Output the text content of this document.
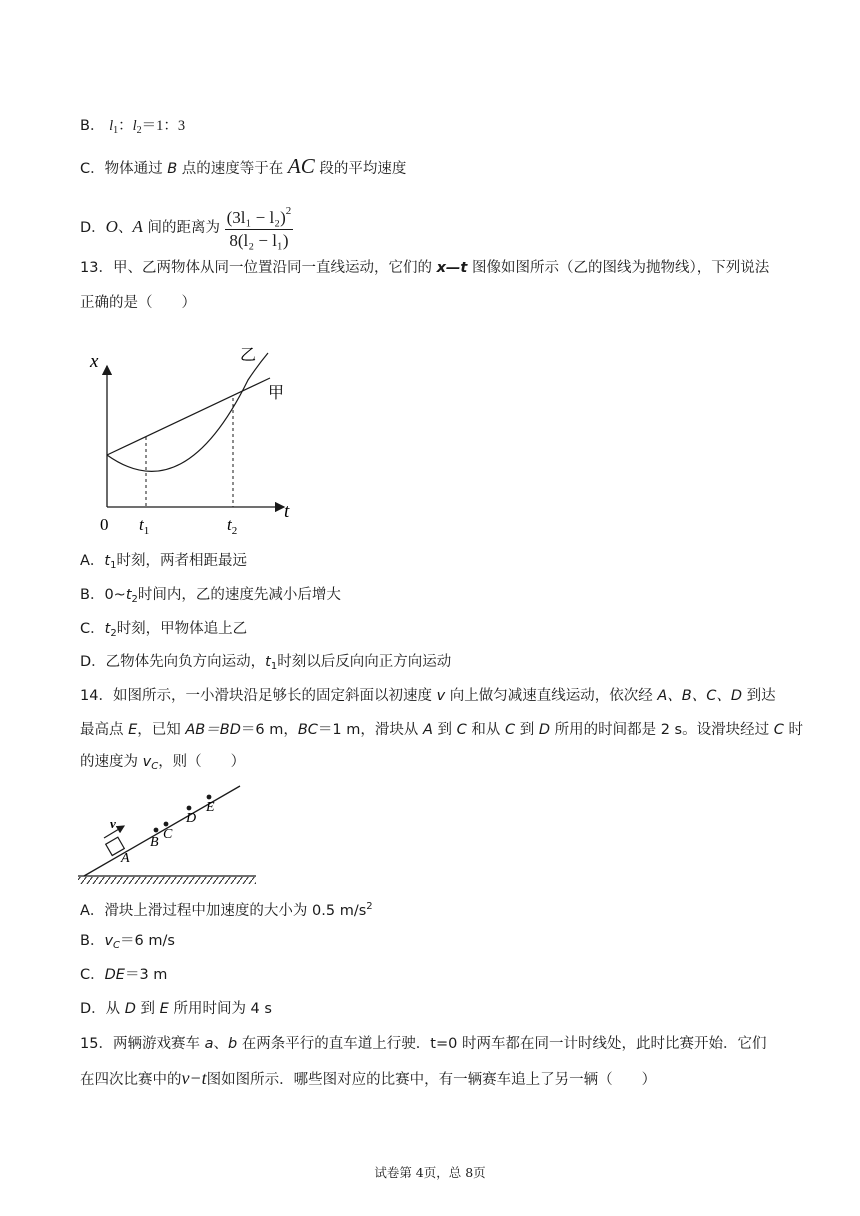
B． $l_1$：$l_2=1$：3
C．物体通过 B 点的速度等于在 AC 段的平均速度
D．O、A 间的距离为 $\frac{(3l_1 - l_2)^2}{\text{8(l₂ − l₁)}}$
13．甲、乙两物体从同一位置沿同一直线运动，它们的 x—t 图像如图所示（乙的图线为抛物线），下列说法
正确的是（　　）
x
t
0 $t_1$	$t_2$
乙
甲
A．$t_1$时刻，两者相距最远
B．$0\sim t_2$时间内，乙的速度先减小后增大
C．$t_2$时刻，甲物体追上乙
D．乙物体先向负方向运动，$t_1$时刻以后反向向正方向运动
14．如图所示，一小滑块沿足够长的固定斜面以初速度 v 向上做匀减速直线运动，依次经 A、B、C、D 到达
最高点 E，已知 AB＝BD＝6 m，BC＝1 m，滑块从 A 到 C 和从 C 到 D 所用的时间都是 2 s。设滑块经过 C 时
的速度为 $v_C$，则（　　）
v
A
B
C
D
E
A．滑块上滑过程中加速度的大小为 0.5 $m/s^2$
B．$v_C=6$ m/s
C．DE＝3 m
D．从 D 到 E 所用时间为 4 s
15．两辆游戏赛车 a、b 在两条平行的直车道上行驶．t=0 时两车都在同一计时线处，此时比赛开始．它们
在四次比赛中的v−t图如图所示．哪些图对应的比赛中，有一辆赛车追上了另一辆（　　）
试卷第 4页，总 8页
